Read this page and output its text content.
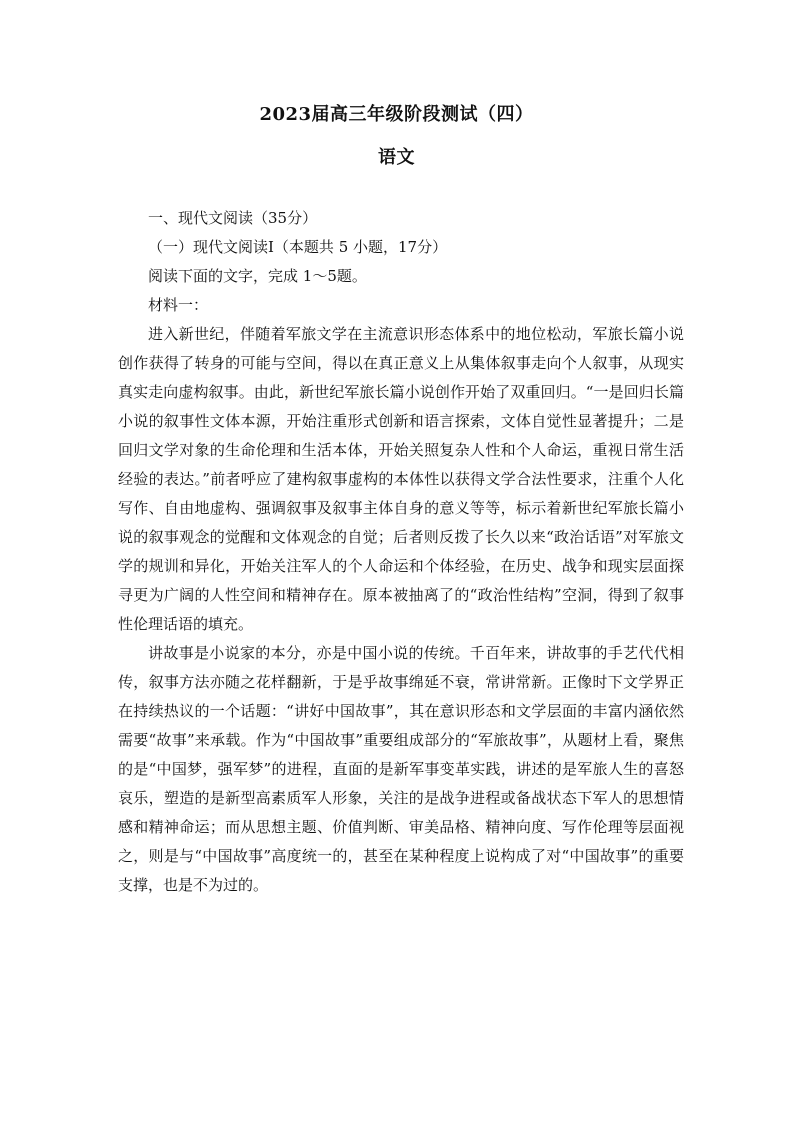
2023届高三年级阶段测试（四）
语文

一、现代文阅读（35分）

（一）现代文阅读Ⅰ（本题共 5 小题，17分）

阅读下面的文字，完成 1～5题。

材料一：

进入新世纪，伴随着军旅文学在主流意识形态体系中的地位松动，军旅长篇小说创作获得了转身的可能与空间，得以在真正意义上从集体叙事走向个人叙事，从现实真实走向虚构叙事。由此，新世纪军旅长篇小说创作开始了双重回归。“一是回归长篇小说的叙事性文体本源，开始注重形式创新和语言探索，文体自觉性显著提升；二是回归文学对象的生命伦理和生活本体，开始关照复杂人性和个人命运，重视日常生活经验的表达。”前者呼应了建构叙事虚构的本体性以获得文学合法性要求，注重个人化写作、自由地虚构、强调叙事及叙事主体自身的意义等等，标示着新世纪军旅长篇小说的叙事观念的觉醒和文体观念的自觉；后者则反拨了长久以来“政治话语”对军旅文学的规训和异化，开始关注军人的个人命运和个体经验，在历史、战争和现实层面探寻更为广阔的人性空间和精神存在。原本被抽离了的“政治性结构”空洞，得到了叙事性伦理话语的填充。

讲故事是小说家的本分，亦是中国小说的传统。千百年来，讲故事的手艺代代相传，叙事方法亦随之花样翻新，于是乎故事绵延不衰，常讲常新。正像时下文学界正在持续热议的一个话题：“讲好中国故事”，其在意识形态和文学层面的丰富内涵依然需要“故事”来承载。作为“中国故事”重要组成部分的“军旅故事”，从题材上看，聚焦的是“中国梦，强军梦”的进程，直面的是新军事变革实践，讲述的是军旅人生的喜怒哀乐，塑造的是新型高素质军人形象，关注的是战争进程或备战状态下军人的思想情感和精神命运；而从思想主题、价值判断、审美品格、精神向度、写作伦理等层面视之，则是与“中国故事”高度统一的，甚至在某种程度上说构成了对“中国故事”的重要支撑，也是不为过的。
